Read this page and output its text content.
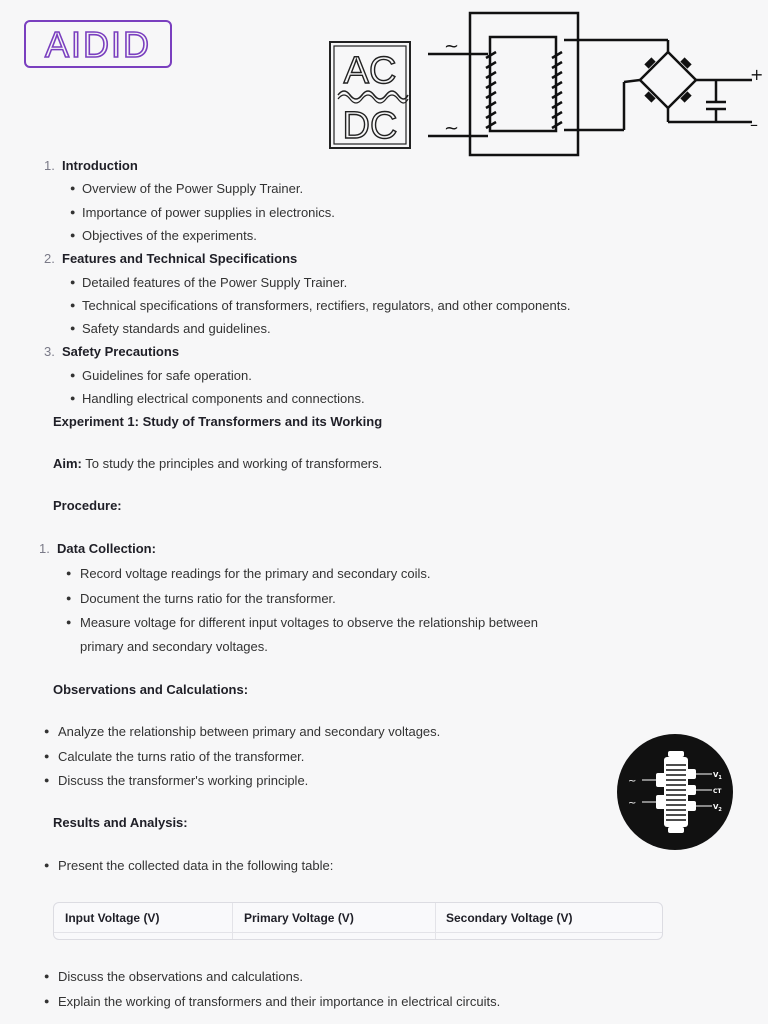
AIDID
AC
DC
~
~
+
–
1. Introduction
● Overview of the Power Supply Trainer.
● Importance of power supplies in electronics.
● Objectives of the experiments.
2. Features and Technical Specifications
● Detailed features of the Power Supply Trainer.
● Technical specifications of transformers, rectifiers, regulators, and other components.
● Safety standards and guidelines.
3. Safety Precautions
● Guidelines for safe operation.
● Handling electrical components and connections.
Experiment 1: Study of Transformers and its Working
Aim: To study the principles and working of transformers.
Procedure:
1. Data Collection:
● Record voltage readings for the primary and secondary coils.
● Document the turns ratio for the transformer.
● Measure voltage for different input voltages to observe the relationship between
primary and secondary voltages.
Observations and Calculations:
● Analyze the relationship between primary and secondary voltages.
● Calculate the turns ratio of the transformer.
● Discuss the transformer's working principle.	~
~
$V_1$
CT
$V_2$
Results and Analysis:
● Present the collected data in the following table:
Input Voltage (V)	Primary Voltage (V)	Secondary Voltage (V)
● Discuss the observations and calculations.
● Explain the working of transformers and their importance in electrical circuits.
